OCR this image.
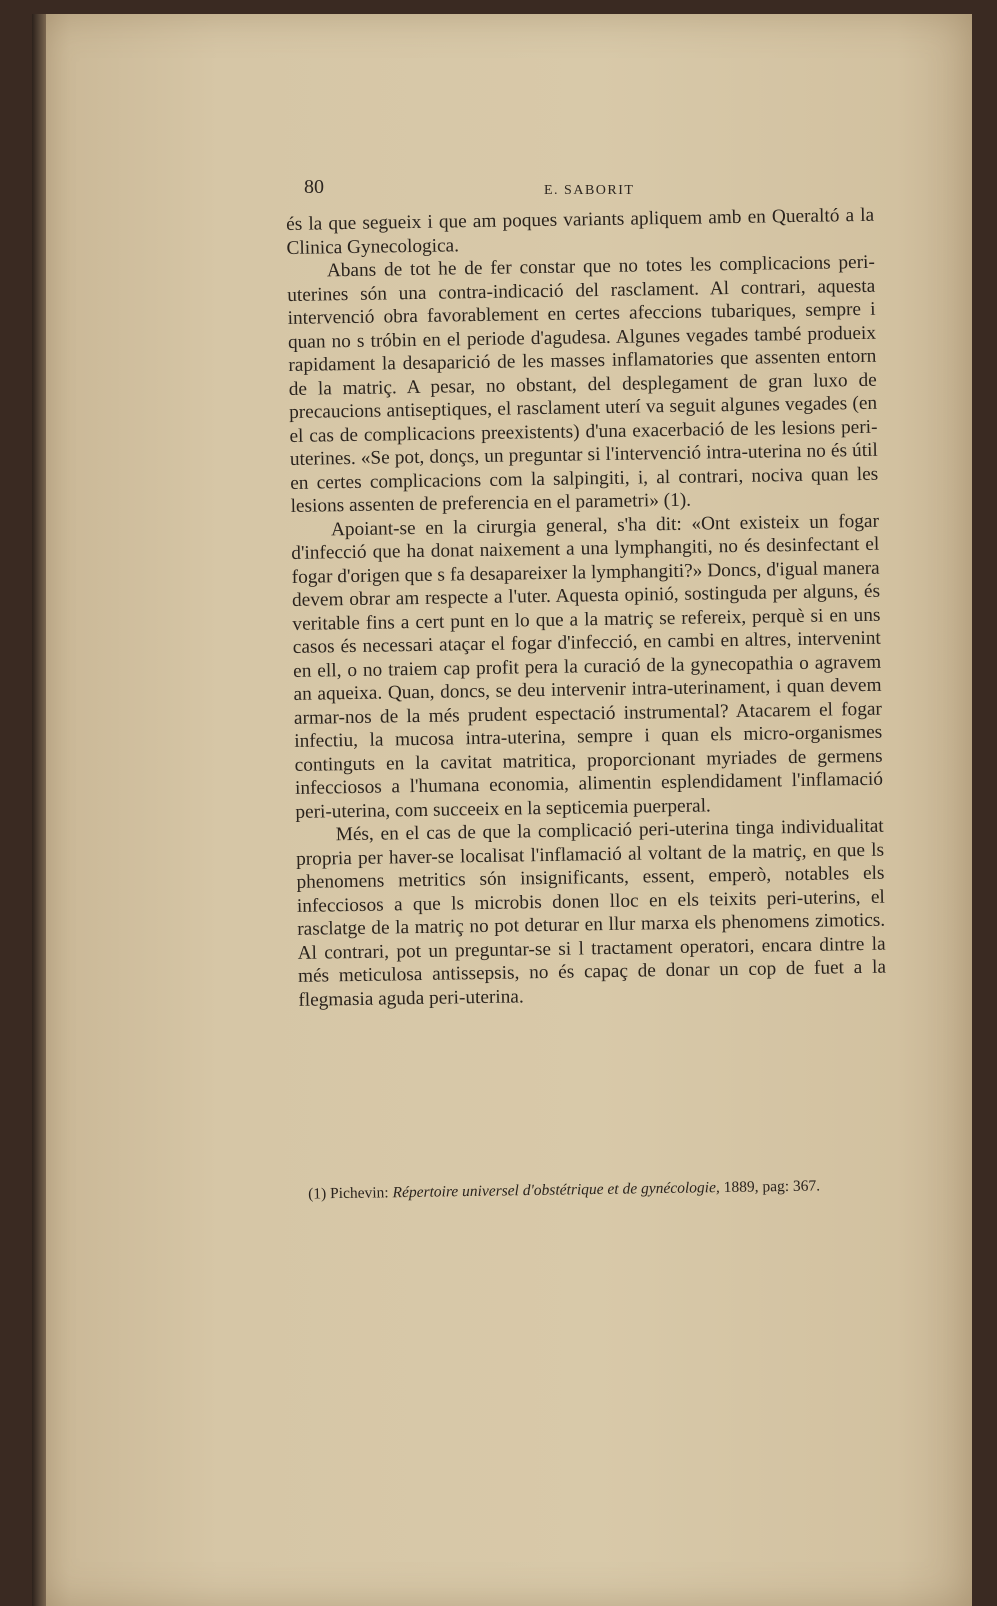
80	E. SABORIT

és la que segueix i que am poques variants apliquem amb en Queraltó a la Clinica Gynecologica.

Abans de tot he de fer constar que no totes les complicacions peri-uterines són una contra-indicació del rasclament. Al contrari, aquesta intervenció obra favorablement en certes afeccions tubariques, sempre i quan no s tróbin en el periode d'agudesa. Algunes vegades també produeix rapidament la desaparició de les masses inflamatories que assenten entorn de la matriç. A pesar, no obstant, del desplegament de gran luxo de precaucions antiseptiques, el rasclament uterí va seguit algunes vegades (en el cas de complicacions preexistents) d'una exacerbació de les lesions peri-uterines. «Se pot, donçs, un preguntar si l'intervenció intra-uterina no és útil en certes complicacions com la salpingiti, i, al contrari, nociva quan les lesions assenten de preferencia en el parametri» (1).

Apoiant-se en la cirurgia general, s'ha dit: «Ont existeix un fogar d'infecció que ha donat naixement a una lymphangiti, no és desinfectant el fogar d'origen que s fa desapareixer la lymphangiti?» Doncs, d'igual manera devem obrar am respecte a l'uter. Aquesta opinió, sostinguda per alguns, és veritable fins a cert punt en lo que a la matriç se refereix, perquè si en uns casos és necessari ataçar el fogar d'infecció, en cambi en altres, intervenint en ell, o no traiem cap profit pera la curació de la gynecopathia o agravem an aqueixa. Quan, doncs, se deu intervenir intra-uterinament, i quan devem armar-nos de la més prudent espectació instrumental? Atacarem el fogar infectiu, la mucosa intra-uterina, sempre i quan els micro-organismes continguts en la cavitat matritica, proporcionant myriades de germens infecciosos a l'humana economia, alimentin esplendidament l'inflamació peri-uterina, com succeeix en la septicemia puerperal.

Més, en el cas de que la complicació peri-uterina tinga individualitat propria per haver-se localisat l'inflamació al voltant de la matriç, en que ls phenomens metritics són insignificants, essent, emperò, notables els infecciosos a que ls microbis donen lloc en els teixits peri-uterins, el rasclatge de la matriç no pot deturar en llur marxa els phenomens zimotics. Al contrari, pot un preguntar-se si l tractament operatori, encara dintre la més meticulosa antissepsis, no és capaç de donar un cop de fuet a la flegmasia aguda peri-uterina.

(1) Pichevin: Répertoire universel d'obstétrique et de gynécologie, 1889, pag: 367.
